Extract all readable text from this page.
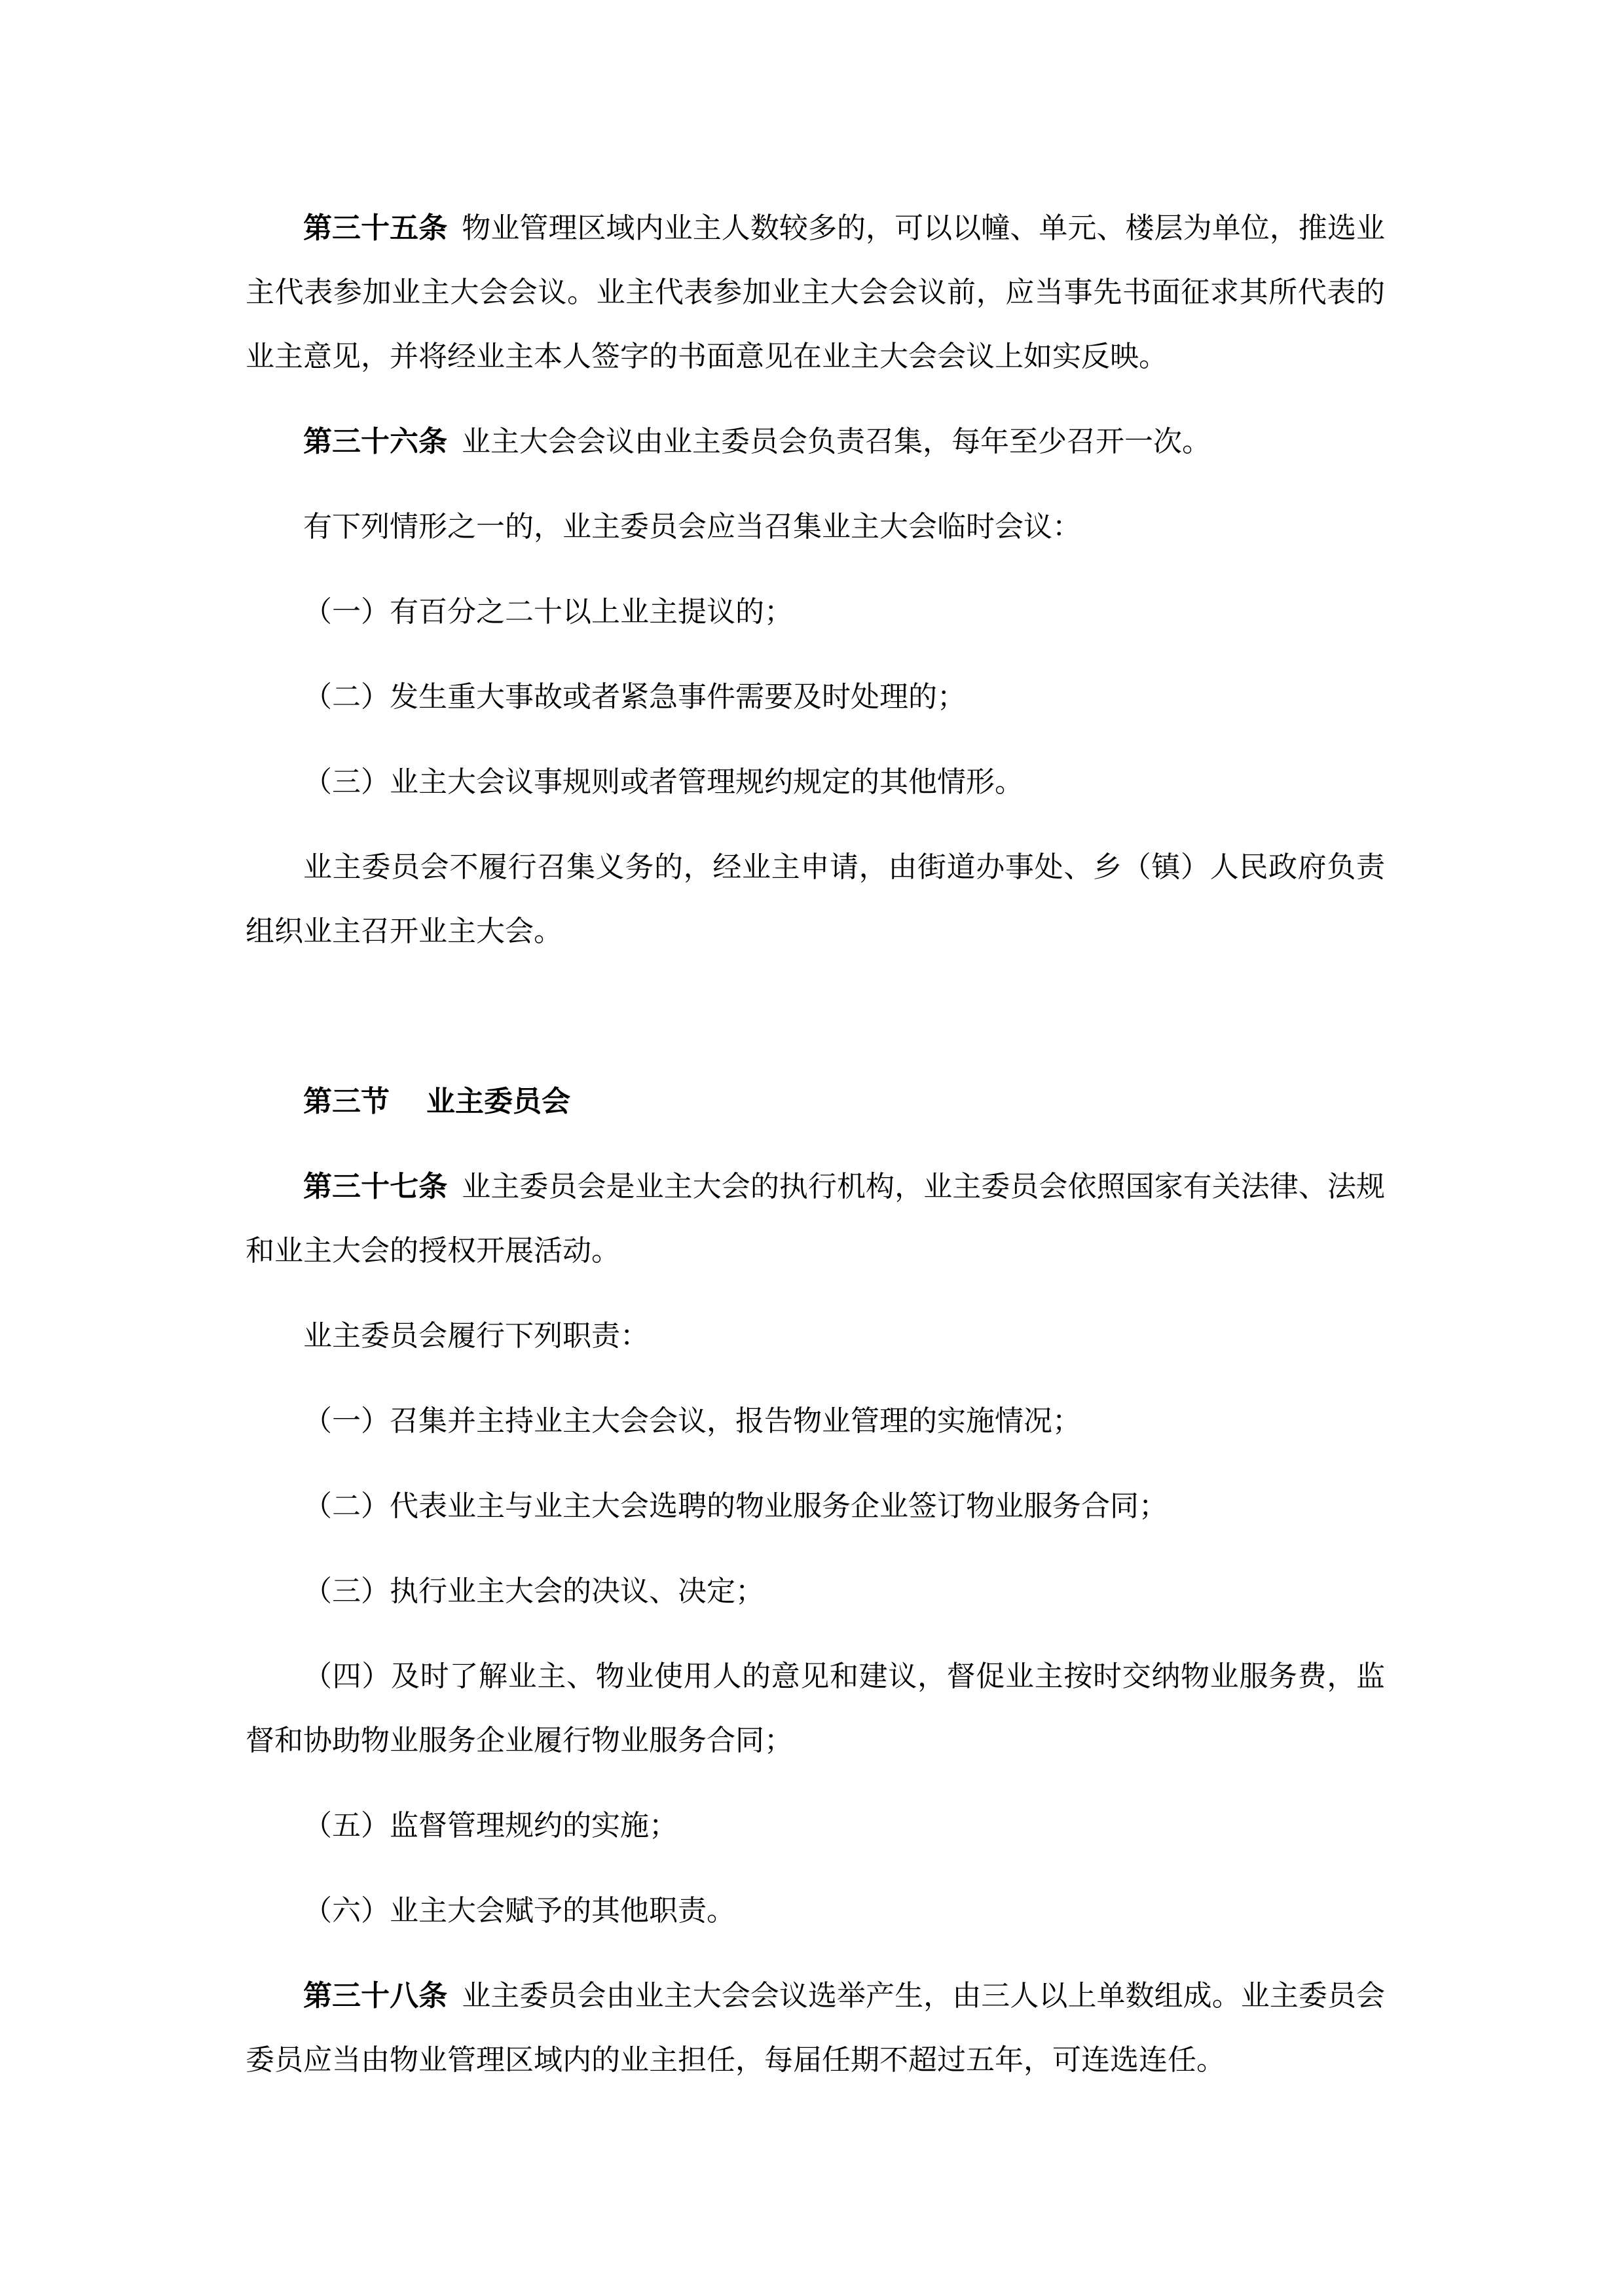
第三十五条 物业管理区域内业主人数较多的，可以以幢、单元、楼层为单位，推选业主代表参加业主大会会议。业主代表参加业主大会会议前，应当事先书面征求其所代表的业主意见，并将经业主本人签字的书面意见在业主大会会议上如实反映。

第三十六条 业主大会会议由业主委员会负责召集，每年至少召开一次。

有下列情形之一的，业主委员会应当召集业主大会临时会议：

（一）有百分之二十以上业主提议的；

（二）发生重大事故或者紧急事件需要及时处理的；

（三）业主大会议事规则或者管理规约规定的其他情形。

业主委员会不履行召集义务的，经业主申请，由街道办事处、乡（镇）人民政府负责组织业主召开业主大会。

第三节 业主委员会

第三十七条 业主委员会是业主大会的执行机构，业主委员会依照国家有关法律、法规和业主大会的授权开展活动。

业主委员会履行下列职责：

（一）召集并主持业主大会会议，报告物业管理的实施情况；

（二）代表业主与业主大会选聘的物业服务企业签订物业服务合同；

（三）执行业主大会的决议、决定；

（四）及时了解业主、物业使用人的意见和建议，督促业主按时交纳物业服务费，监督和协助物业服务企业履行物业服务合同；

（五）监督管理规约的实施；

（六）业主大会赋予的其他职责。

第三十八条 业主委员会由业主大会会议选举产生，由三人以上单数组成。业主委员会委员应当由物业管理区域内的业主担任，每届任期不超过五年，可连选连任。
